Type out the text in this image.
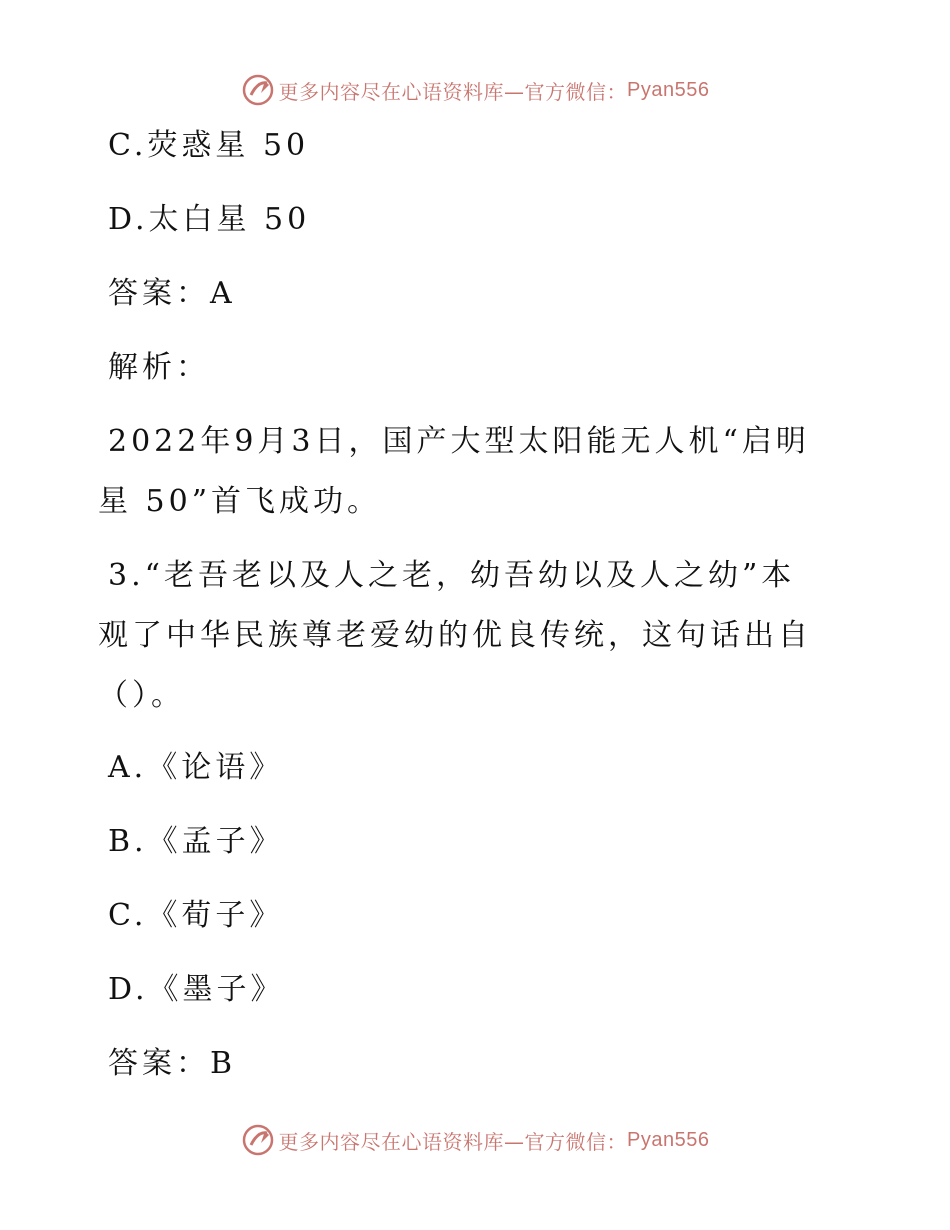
更多内容尽在心语资料库—官方微信： Pyan556
C.荧惑星 50
D.太白星 50
答案：A
解析：
2022年9月3日，国产大型太阳能无人机“启明
星 50”首飞成功。
3.“老吾老以及人之老，幼吾幼以及人之幼”本
观了中华民族尊老爱幼的优良传统，这句话出自
（）。
A.《论语》
B.《孟子》
C.《荀子》
D.《墨子》
答案：B
更多内容尽在心语资料库—官方微信： Pyan556
